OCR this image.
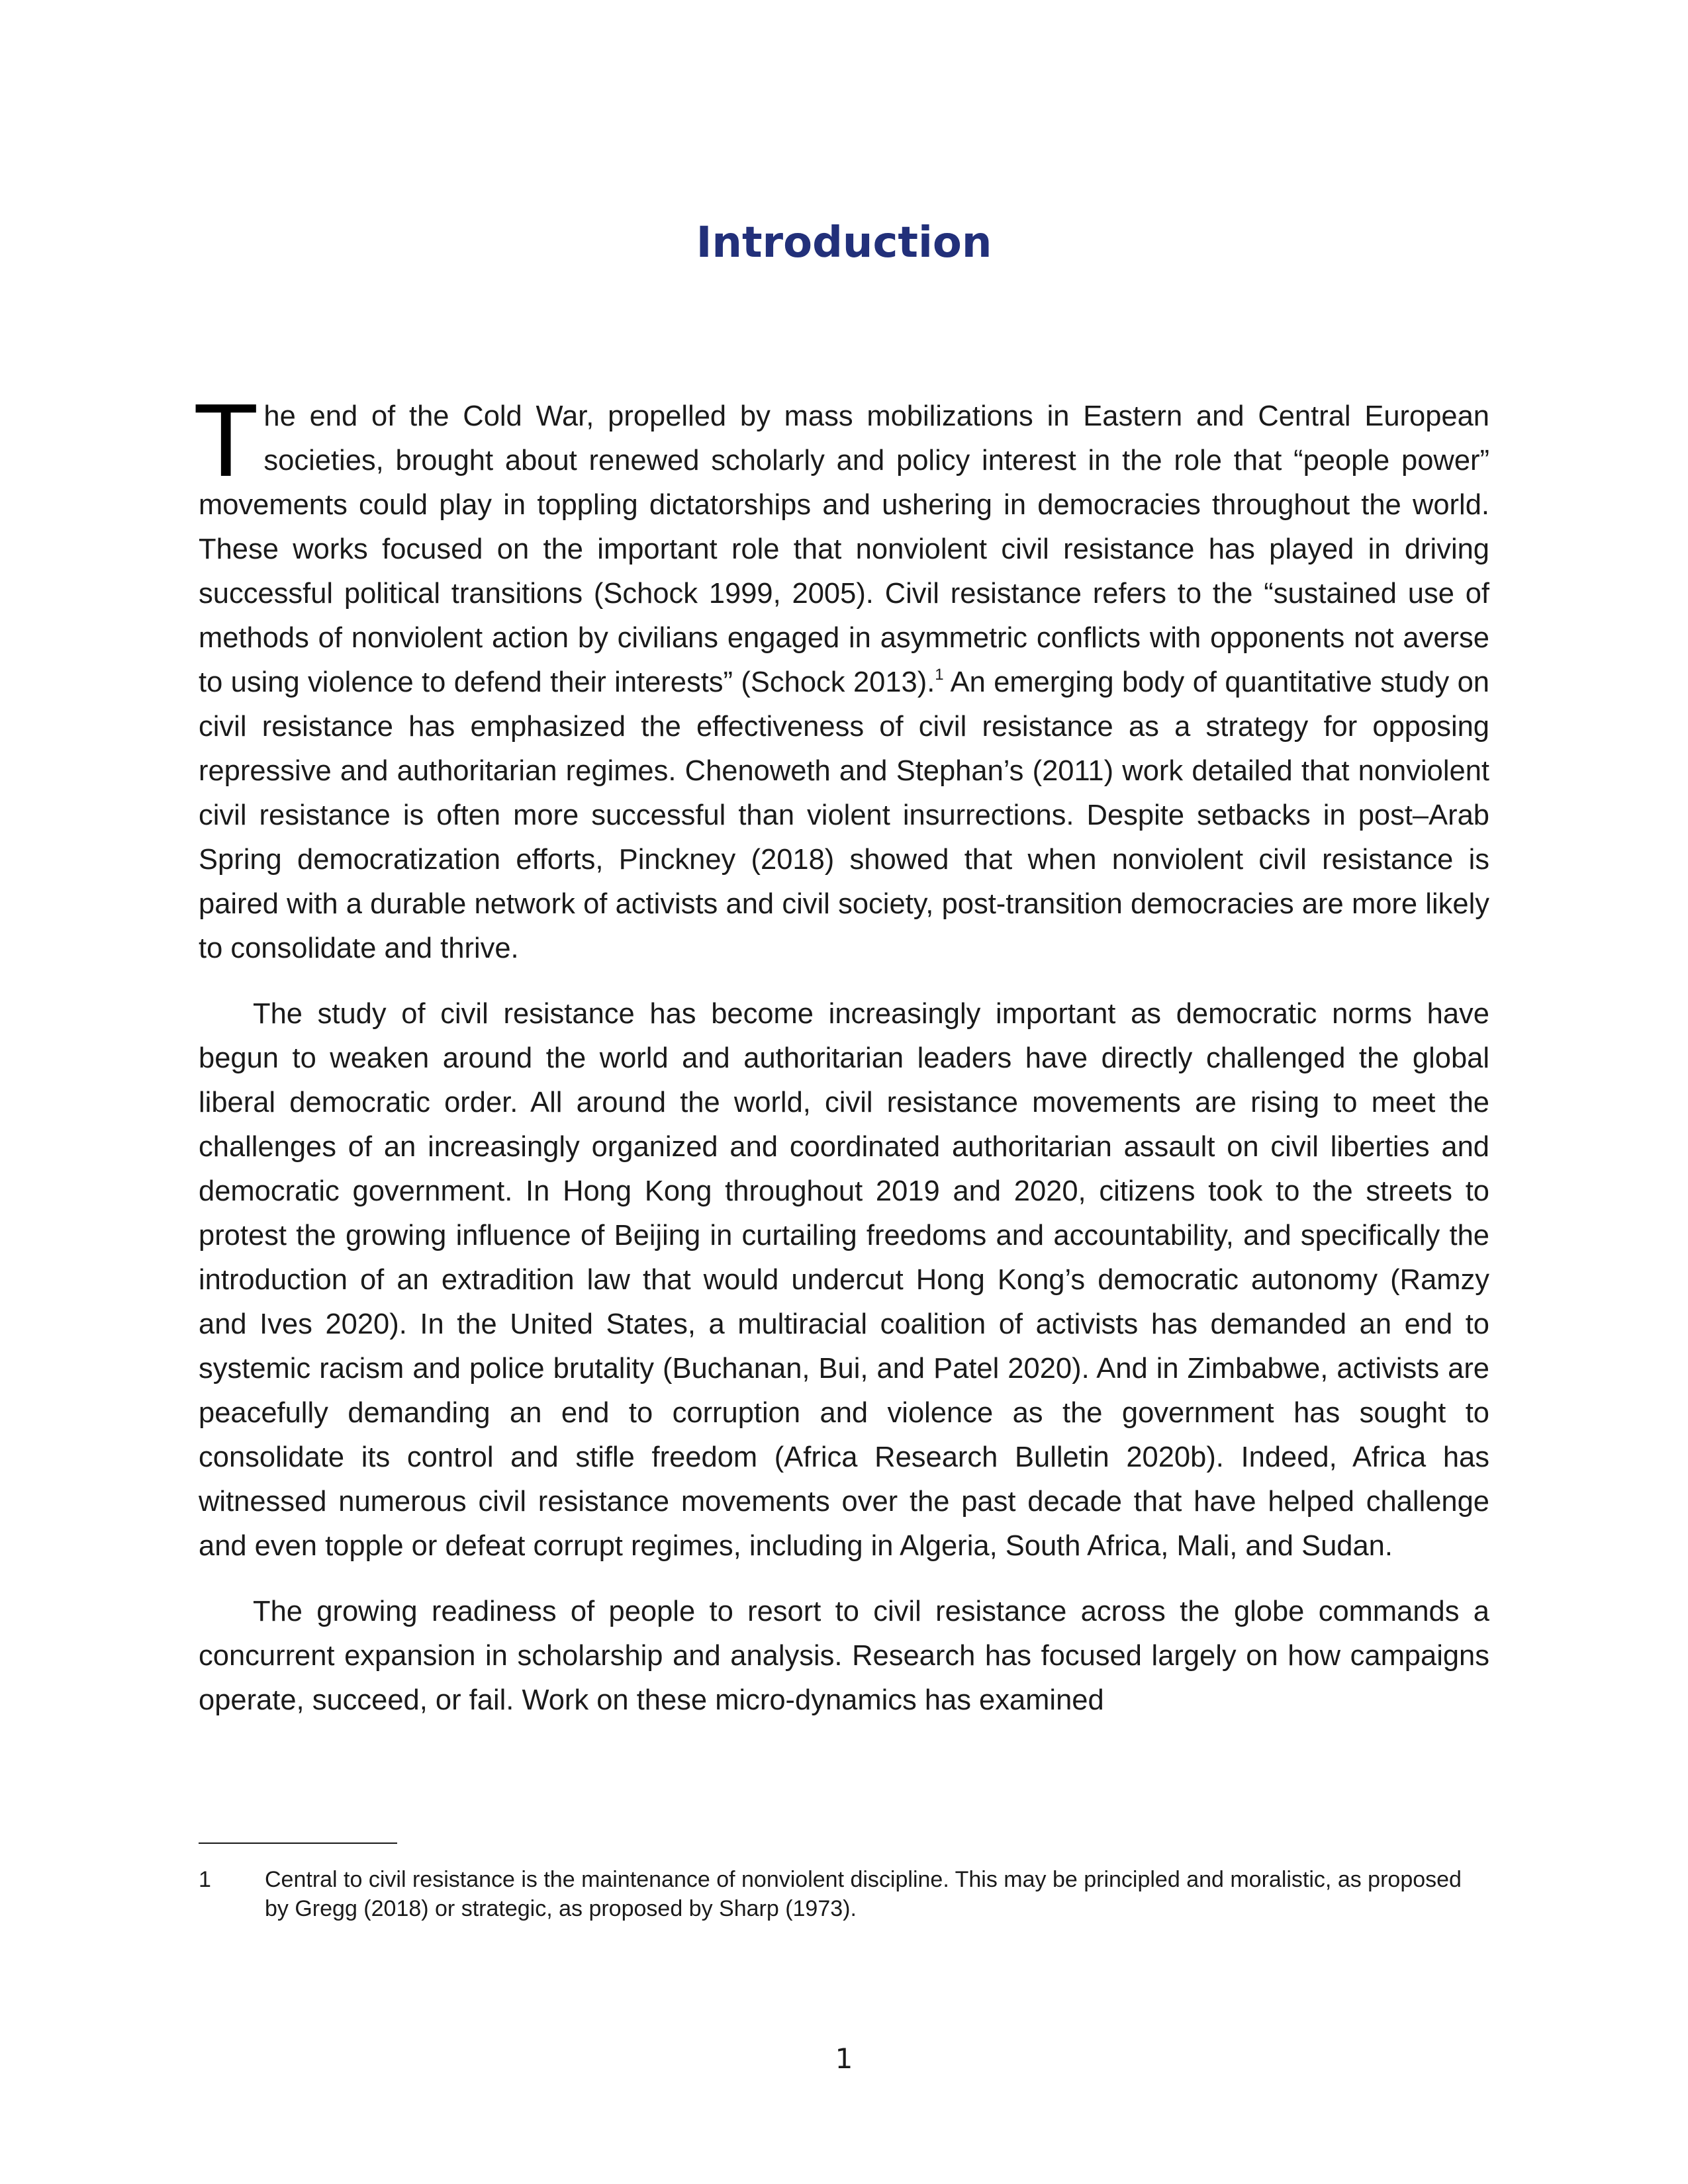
Introduction

The end of the Cold War, propelled by mass mobilizations in Eastern and Central European societies, brought about renewed scholarly and policy interest in the role that “people power” movements could play in toppling dictatorships and ushering in democracies throughout the world. These works focused on the important role that nonviolent civil resistance has played in driving successful political transitions (Schock 1999, 2005). Civil resistance refers to the “sustained use of methods of nonviolent action by civilians engaged in asymmetric conflicts with opponents not averse to using violence to defend their interests” (Schock 2013).$^1$ An emerging body of quantitative study on civil resistance has emphasized the effectiveness of civil resistance as a strategy for opposing repressive and authoritarian regimes. Chenoweth and Stephan’s (2011) work detailed that nonviolent civil resistance is often more successful than violent insurrections. Despite setbacks in post–Arab Spring democratization efforts, Pinckney (2018) showed that when nonviolent civil resistance is paired with a durable network of activists and civil society, post-transition democracies are more likely to consolidate and thrive.

The study of civil resistance has become increasingly important as democratic norms have begun to weaken around the world and authoritarian leaders have directly challenged the global liberal democratic order. All around the world, civil resistance movements are rising to meet the challenges of an increasingly organized and coordinated authoritarian assault on civil liberties and democratic government. In Hong Kong throughout 2019 and 2020, citizens took to the streets to protest the growing influence of Beijing in curtailing freedoms and accountability, and specifically the introduction of an extradition law that would undercut Hong Kong’s democratic autonomy (Ramzy and Ives 2020). In the United States, a multiracial coalition of activists has demanded an end to systemic racism and police brutality (Buchanan, Bui, and Patel 2020). And in Zimbabwe, activists are peacefully demanding an end to corruption and violence as the government has sought to consolidate its control and stifle freedom (Africa Research Bulletin 2020b). Indeed, Africa has witnessed numerous civil resistance movements over the past decade that have helped challenge and even topple or defeat corrupt regimes, including in Algeria, South Africa, Mali, and Sudan.

The growing readiness of people to resort to civil resistance across the globe commands a concurrent expansion in scholarship and analysis. Research has focused largely on how campaigns operate, succeed, or fail. Work on these micro-dynamics has examined

1	Central to civil resistance is the maintenance of nonviolent discipline. This may be principled and moralistic, as proposed by Gregg (2018) or strategic, as proposed by Sharp (1973).
1
